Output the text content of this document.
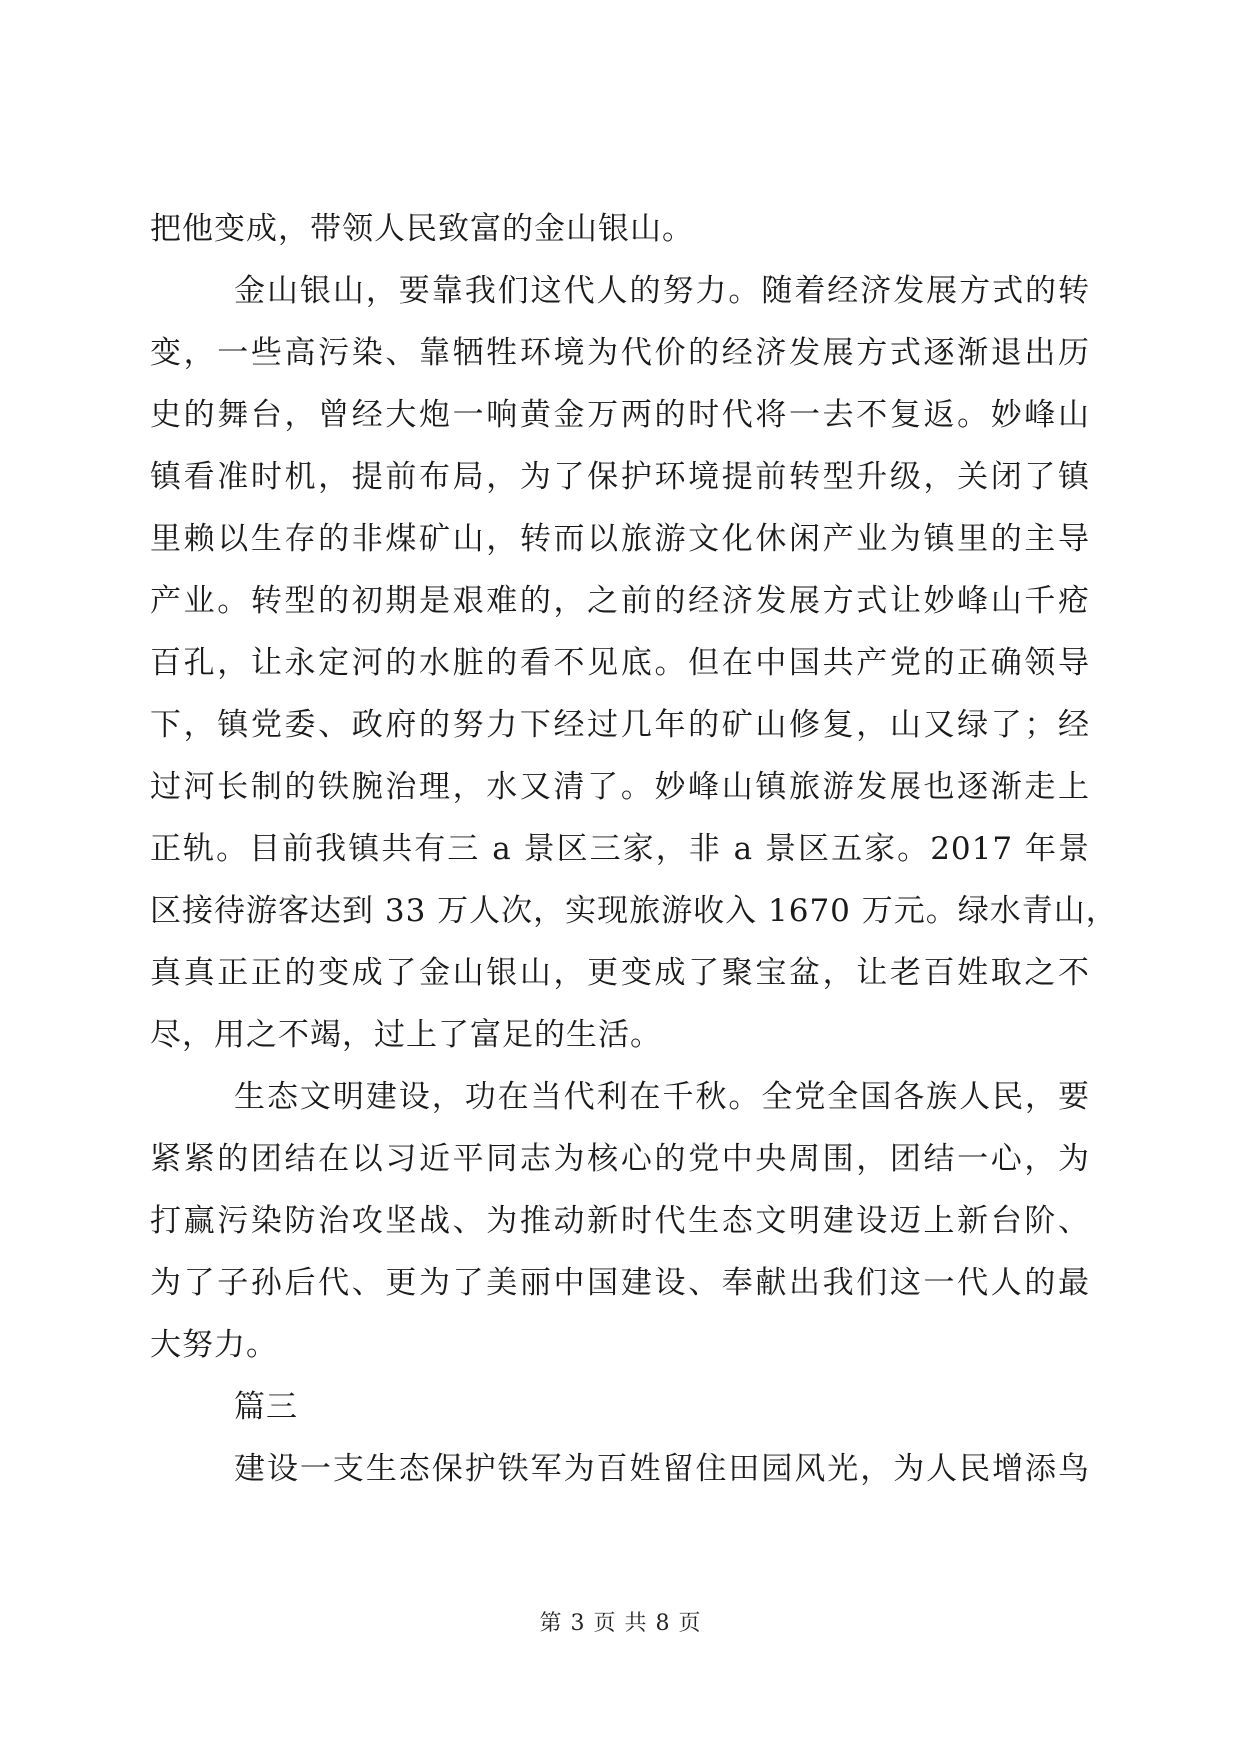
把他变成，带领人民致富的金山银山。
金山银山，要靠我们这代人的努力。随着经济发展方式的转
变，一些高污染、靠牺牲环境为代价的经济发展方式逐渐退出历
史的舞台，曾经大炮一响黄金万两的时代将一去不复返。妙峰山
镇看准时机，提前布局，为了保护环境提前转型升级，关闭了镇
里赖以生存的非煤矿山，转而以旅游文化休闲产业为镇里的主导
产业。转型的初期是艰难的，之前的经济发展方式让妙峰山千疮
百孔，让永定河的水脏的看不见底。但在中国共产党的正确领导
下，镇党委、政府的努力下经过几年的矿山修复，山又绿了；经
过河长制的铁腕治理，水又清了。妙峰山镇旅游发展也逐渐走上
正轨。目前我镇共有三 a 景区三家，非 a 景区五家。2017 年景
区接待游客达到 33 万人次，实现旅游收入 1670 万元。绿水青山，
真真正正的变成了金山银山，更变成了聚宝盆，让老百姓取之不
尽，用之不竭，过上了富足的生活。
生态文明建设，功在当代利在千秋。全党全国各族人民，要
紧紧的团结在以习近平同志为核心的党中央周围，团结一心，为
打赢污染防治攻坚战、为推动新时代生态文明建设迈上新台阶、
为了子孙后代、更为了美丽中国建设、奉献出我们这一代人的最
大努力。
篇三
建设一支生态保护铁军为百姓留住田园风光，为人民增添鸟
第 3 页 共 8 页
